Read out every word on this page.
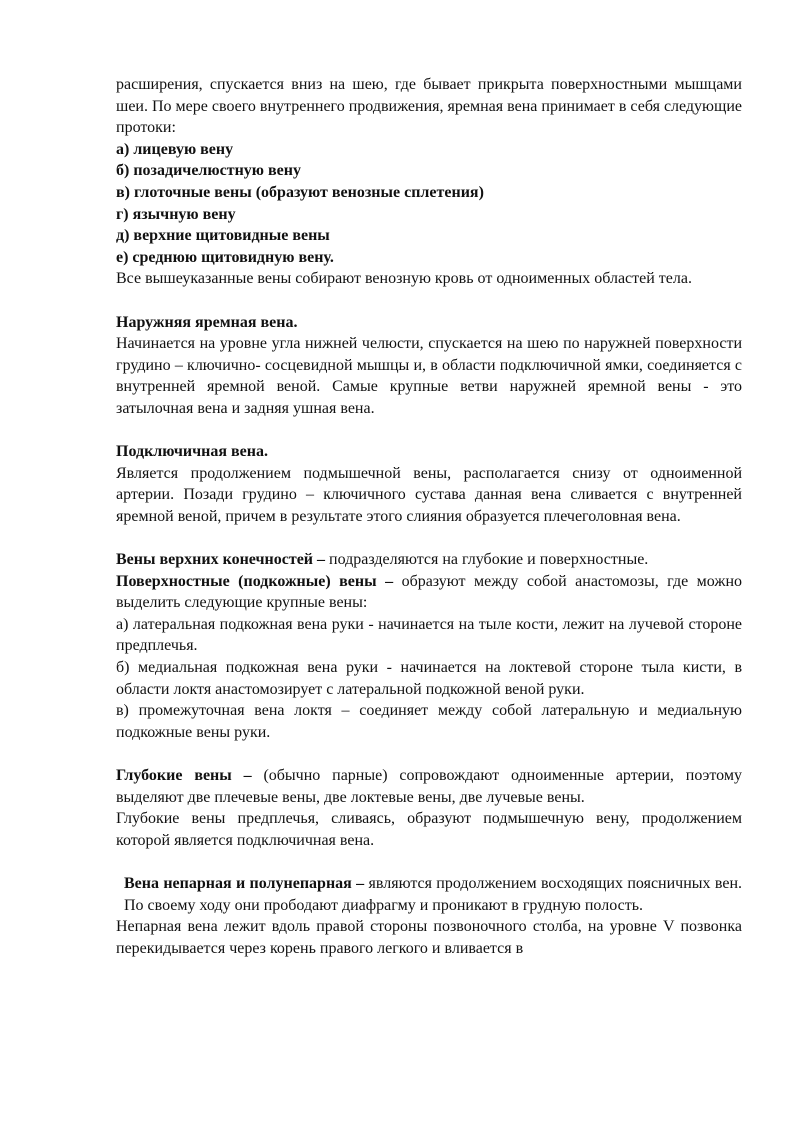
расширения, спускается вниз на шею, где бывает прикрыта поверхностными мышцами шеи. По мере своего внутреннего продвижения, яремная вена принимает в себя следующие протоки:

а) лицевую вену
б) позадичелюстную вену
в) глоточные вены (образуют венозные сплетения)
г) язычную вену
д) верхние щитовидные вены
е) среднюю щитовидную вену.

Все вышеуказанные вены собирают венозную кровь от одноименных областей тела.

Наружняя яремная вена.

Начинается на уровне угла нижней челюсти, спускается на шею по наружней поверхности грудино – ключично- сосцевидной мышцы и, в области подключичной ямки, соединяется с внутренней яремной веной. Самые крупные ветви наружней яремной вены - это затылочная вена и задняя ушная вена.

Подключичная вена.

Является продолжением подмышечной вены, располагается снизу от одноименной артерии. Позади грудино – ключичного сустава данная вена сливается с внутренней яремной веной, причем в результате этого слияния образуется плечеголовная вена.

Вены верхних конечностей – подразделяются на глубокие и поверхностные.

Поверхностные (подкожные) вены – образуют между собой анастомозы, где можно выделить следующие крупные вены:

а) латеральная подкожная вена руки - начинается на тыле кости, лежит на лучевой стороне предплечья.

б) медиальная подкожная вена руки - начинается на локтевой стороне тыла кисти, в области локтя анастомозирует с латеральной подкожной веной руки.

в) промежуточная вена локтя – соединяет между собой латеральную и медиальную подкожные вены руки.

Глубокие вены – (обычно парные) сопровождают одноименные артерии, поэтому выделяют две плечевые вены, две локтевые вены, две лучевые вены.

Глубокие вены предплечья, сливаясь, образуют подмышечную вену, продолжением которой является подключичная вена.

Вена непарная и полунепарная – являются продолжением восходящих поясничных вен. По своему ходу они прободают диафрагму и проникают в грудную полость.

Непарная вена лежит вдоль правой стороны позвоночного столба, на уровне V позвонка перекидывается через корень правого легкого и вливается в
